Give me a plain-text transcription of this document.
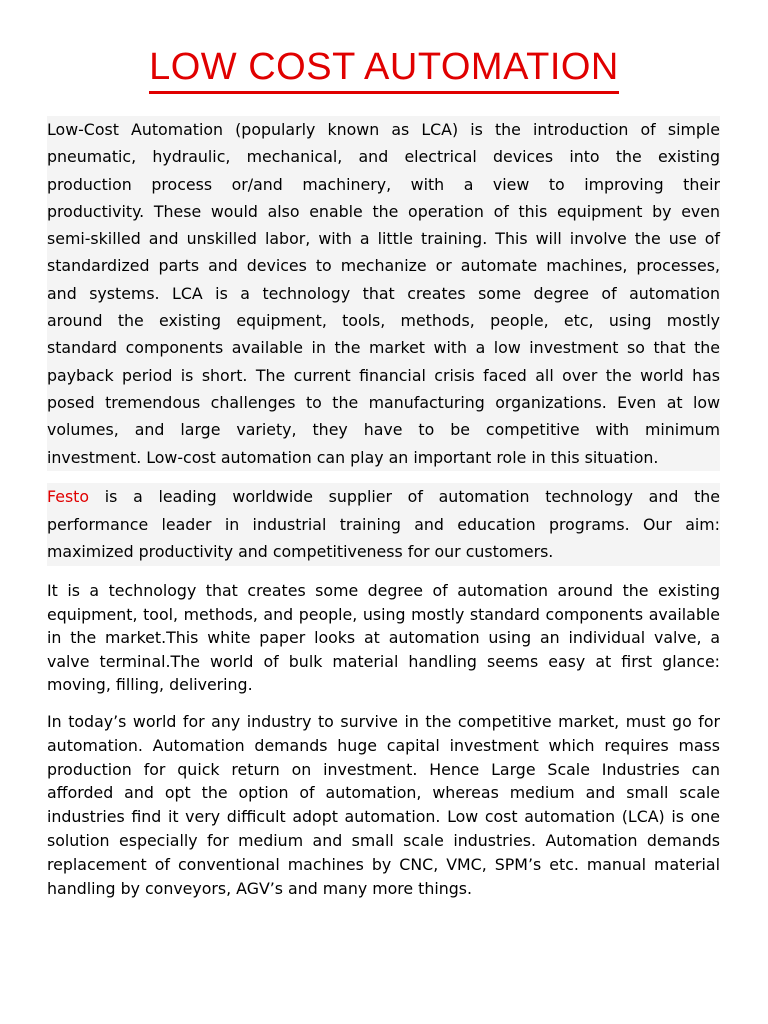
LOW COST AUTOMATION

Low-Cost Automation (popularly known as LCA) is the introduction of simple
pneumatic, hydraulic, mechanical, and electrical devices into the existing
production process or/and machinery, with a view to improving their
productivity. These would also enable the operation of this equipment by even
semi-skilled and unskilled labor, with a little training. This will involve the use of
standardized parts and devices to mechanize or automate machines, processes,
and systems. LCA is a technology that creates some degree of automation
around the existing equipment, tools, methods, people, etc, using mostly
standard components available in the market with a low investment so that the
payback period is short. The current financial crisis faced all over the world has
posed tremendous challenges to the manufacturing organizations. Even at low
volumes, and large variety, they have to be competitive with minimum
investment. Low-cost automation can play an important role in this situation.

Festo is a leading worldwide supplier of automation technology and the
performance leader in industrial training and education programs. Our aim:
maximized productivity and competitiveness for our customers.

It is a technology that creates some degree of automation around the existing equipment, tool, methods, and people, using mostly standard components available in the market.This white paper looks at automation using an individual valve, a valve terminal.The world of bulk material handling seems easy at first glance: moving, filling, delivering.

In today’s world for any industry to survive in the competitive market, must go for automation. Automation demands huge capital investment which requires mass production for quick return on investment. Hence Large Scale Industries can afforded and opt the option of automation, whereas medium and small scale industries find it very difficult adopt automation. Low cost automation (LCA) is one solution especially for medium and small scale industries. Automation demands replacement of conventional machines by CNC, VMC, SPM’s etc. manual material handling by conveyors, AGV’s and many more things.
